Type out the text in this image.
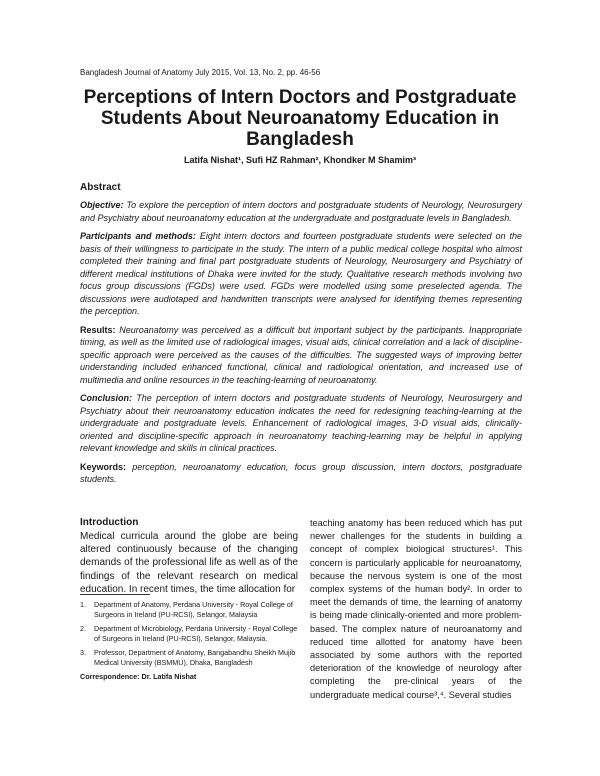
Bangladesh Journal of Anatomy July 2015, Vol. 13, No. 2, pp. 46-56
Perceptions of Intern Doctors and Postgraduate Students About Neuroanatomy Education in Bangladesh
Latifa Nishat¹, Sufi HZ Rahman², Khondker M Shamim³
Abstract

Objective: To explore the perception of intern doctors and postgraduate students of Neurology, Neurosurgery and Psychiatry about neuroanatomy education at the undergraduate and postgraduate levels in Bangladesh.

Participants and methods: Eight intern doctors and fourteen postgraduate students were selected on the basis of their willingness to participate in the study. The intern of a public medical college hospital who almost completed their training and final part postgraduate students of Neurology, Neurosurgery and Psychiatry of different medical institutions of Dhaka were invited for the study. Qualitative research methods involving two focus group discussions (FGDs) were used. FGDs were modelled using some preselected agenda. The discussions were audiotaped and handwritten transcripts were analysed for identifying themes representing the perception.

Results: Neuroanatomy was perceived as a difficult but important subject by the participants. Inappropriate timing, as well as the limited use of radiological images, visual aids, clinical correlation and a lack of discipline-specific approach were perceived as the causes of the difficulties. The suggested ways of improving better understanding included enhanced functional, clinical and radiological orientation, and increased use of multimedia and online resources in the teaching-learning of neuroanatomy.

Conclusion: The perception of intern doctors and postgraduate students of Neurology, Neurosurgery and Psychiatry about their neuroanatomy education indicates the need for redesigning teaching-learning at the undergraduate and postgraduate levels. Enhancement of radiological images, 3-D visual aids, clinically-oriented and discipline-specific approach in neuroanatomy teaching-learning may be helpful in applying relevant knowledge and skills in clinical practices.

Keywords: perception, neuroanatomy education, focus group discussion, intern doctors, postgraduate students.

Introduction

Medical curricula around the globe are being altered continuously because of the changing demands of the professional life as well as of the findings of the relevant research on medical education. In recent times, the time allocation for

1.	Department of Anatomy, Perdana University - Royal College of Surgeons in Ireland (PU-RCSI), Selangor, Malaysia
2.	Department of Microbiology, Perdana University - Royal College of Surgeons in Ireland (PU-RCSI), Selangor, Malaysia.
3.	Professor, Department of Anatomy, Bangabandhu Sheikh Mujib Medical University (BSMMU), Dhaka, Bangladesh
Correspondence: Dr. Latifa Nishat

teaching anatomy has been reduced which has put newer challenges for the students in building a concept of complex biological structures¹. This concern is particularly applicable for neuroanatomy, because the nervous system is one of the most complex systems of the human body². In order to meet the demands of time, the learning of anatomy is being made clinically-oriented and more problem-based. The complex nature of neuroanatomy and reduced time allotted for anatomy have been associated by some authors with the reported deterioration of the knowledge of neurology after completing the pre-clinical years of the undergraduate medical course³,⁴. Several studies
